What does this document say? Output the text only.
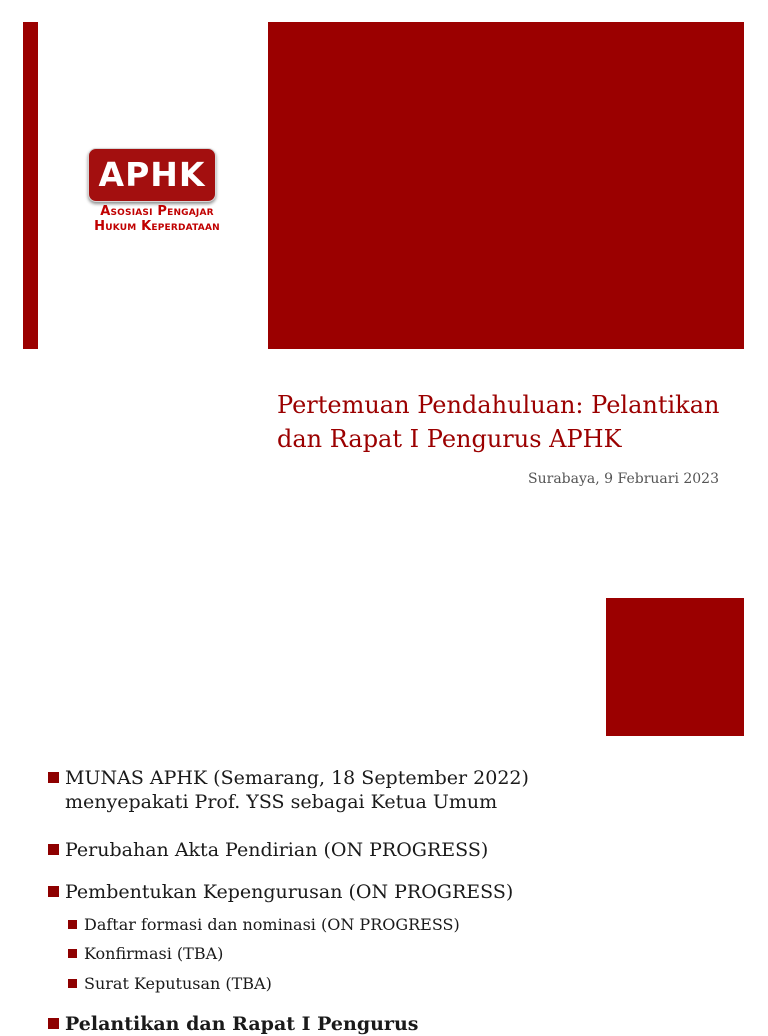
APHK
Asosiasi Pengajar
Hukum Keperdataan
Pertemuan Pendahuluan: Pelantikan dan Rapat I Pengurus APHK
Surabaya, 9 Februari 2023
MUNAS APHK (Semarang, 18 September 2022) menyepakati Prof. YSS sebagai Ketua Umum
Perubahan Akta Pendirian (ON PROGRESS)
Pembentukan Kepengurusan (ON PROGRESS)
Daftar formasi dan nominasi (ON PROGRESS)
Konfirmasi (TBA)
Surat Keputusan (TBA)
Pelantikan dan Rapat I Pengurus
